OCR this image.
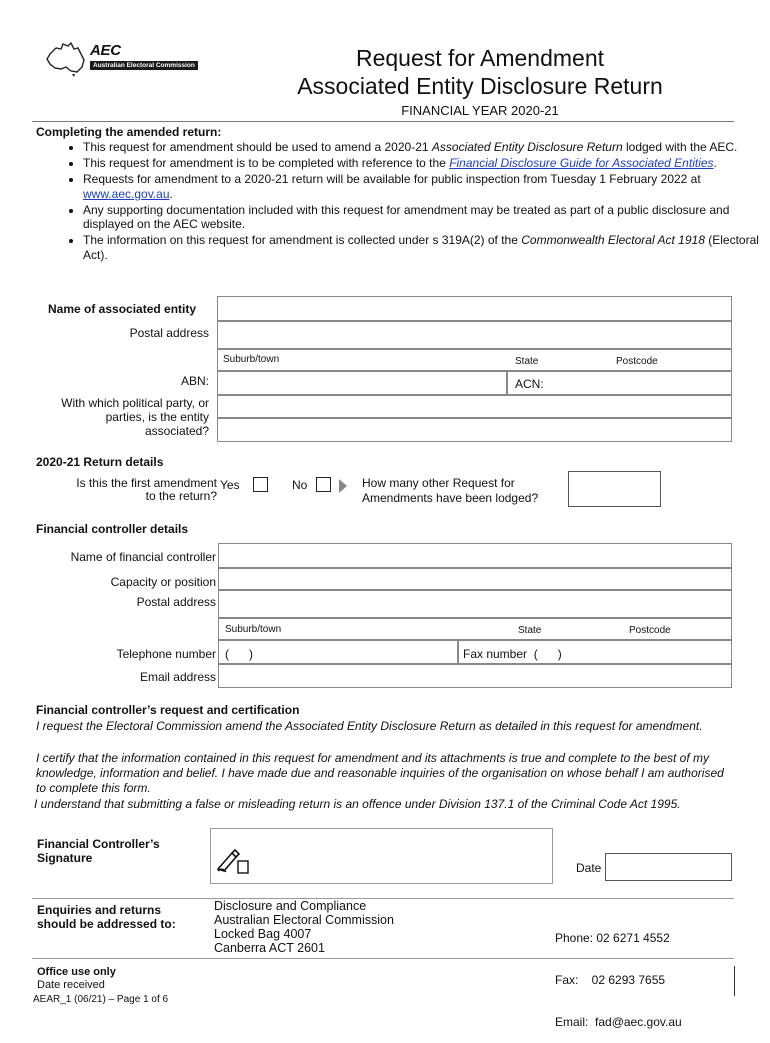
AEC
Australian Electoral Commission	Request for Amendment
Associated Entity Disclosure Return
FINANCIAL YEAR 2020-21
Completing the amended return:
• This request for amendment should be used to amend a 2020-21 Associated Entity Disclosure Return lodged with the AEC.
• This request for amendment is to be completed with reference to the Financial Disclosure Guide for Associated Entities.
• Requests for amendment to a 2020-21 return will be available for public inspection from Tuesday 1 February 2022 at www.aec.gov.au.
• Any supporting documentation included with this request for amendment may be treated as part of a public disclosure and displayed on the AEC website.
• The information on this request for amendment is collected under s 319A(2) of the Commonwealth Electoral Act 1918 (Electoral Act).
Name of associated entity
Postal address
Suburb/town	State	Postcode
ABN:	ACN:
With which political party, or
parties, is the entity
associated?
2020-21 Return details
Is this the first amendment
to the return?
Yes	No	How many other Request for
Amendments have been lodged?
Financial controller details
Name of financial controller
Capacity or position
Postal address
Suburb/town	State	Postcode
Telephone number (      )	Fax number  (      )
Email address
Financial controller’s request and certification
I request the Electoral Commission amend the Associated Entity Disclosure Return as detailed in this request for amendment.
I certify that the information contained in this request for amendment and its attachments is true and complete to the best of my knowledge, information and belief. I have made due and reasonable inquiries of the organisation on whose behalf I am authorised to complete this form.
I understand that submitting a false or misleading return is an offence under Division 137.1 of the Criminal Code Act 1995.
Financial Controller’s
Signature
Date
Enquiries and returns
should be addressed to:
Disclosure and Compliance
Australian Electoral Commission
Locked Bag 4007
Canberra ACT 2601

Phone: 02 6271 4552

Fax:    02 6293 7655

Email:  fad@aec.gov.au

Office use only
Date received
AEAR_1 (06/21) – Page 1 of 6
